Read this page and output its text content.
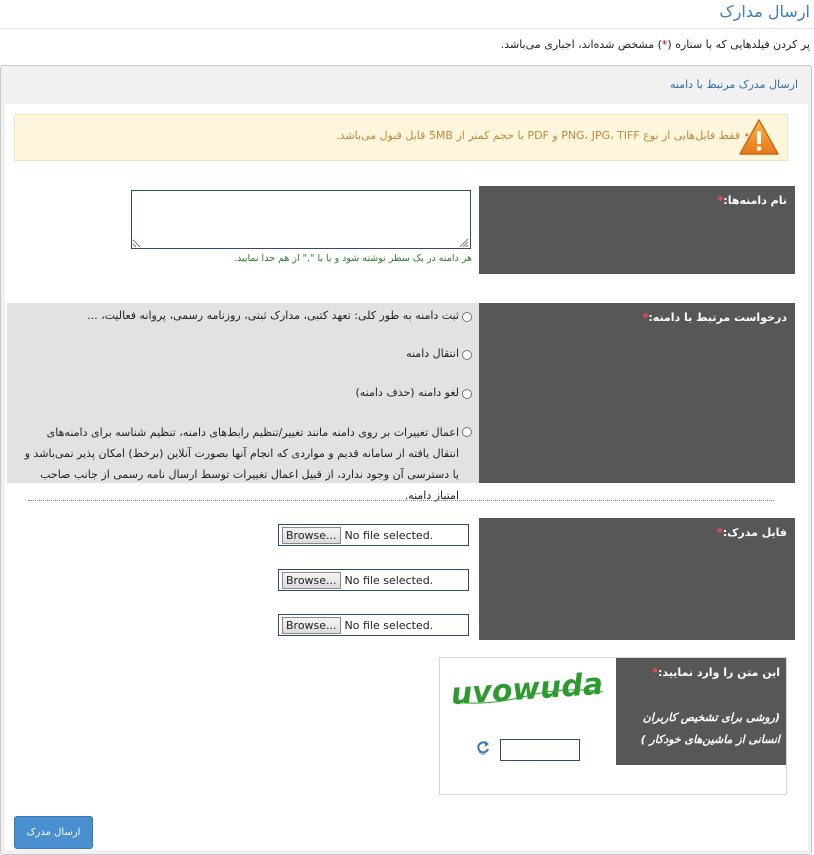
ارسال مدارک
پر کردن فیلدهایی که با ستاره (*) مشخص شده‌اند، اجباری می‌باشد.
ارسال مدرک مرتبط با دامنه
• فقط فایل‌هایی از نوع PNG، JPG، TIFF و PDF با حجم کمتر از 5MB قابل قبول می‌باشد.
نام دامنه‌ها:*
هر دامنه در یک سطر نوشته شود و یا با "," از هم جدا نمایید.
درخواست مرتبط با دامنه:*
ثبت دامنه به طور کلی: تعهد کتبی، مدارک ثبتی، روزنامه رسمی، پروانه فعالیت، ...
انتقال دامنه
لغو دامنه (حذف دامنه)
اعمال تغییرات بر روی دامنه مانند تغییر/تنظیم رابط‌های دامنه، تنظیم شناسه برای دامنه‌های انتقال یافته از سامانه قدیم و مواردی که انجام آنها بصورت آنلاین (برخط) امکان پذیر نمی‌باشد و یا دسترسی آن وجود ندارد، از قبیل اعمال تغییرات توسط ارسال نامه رسمی از جانب صاحب امتیاز دامنه.
فایل مدرک:*
Browse... No file selected.
Browse... No file selected.
Browse... No file selected.
این متن را وارد نمایید:*
(روشی برای تشخیص کاربران انسانی از ماشین‌های خودکار )
uvowuda
ارسال مدرک
